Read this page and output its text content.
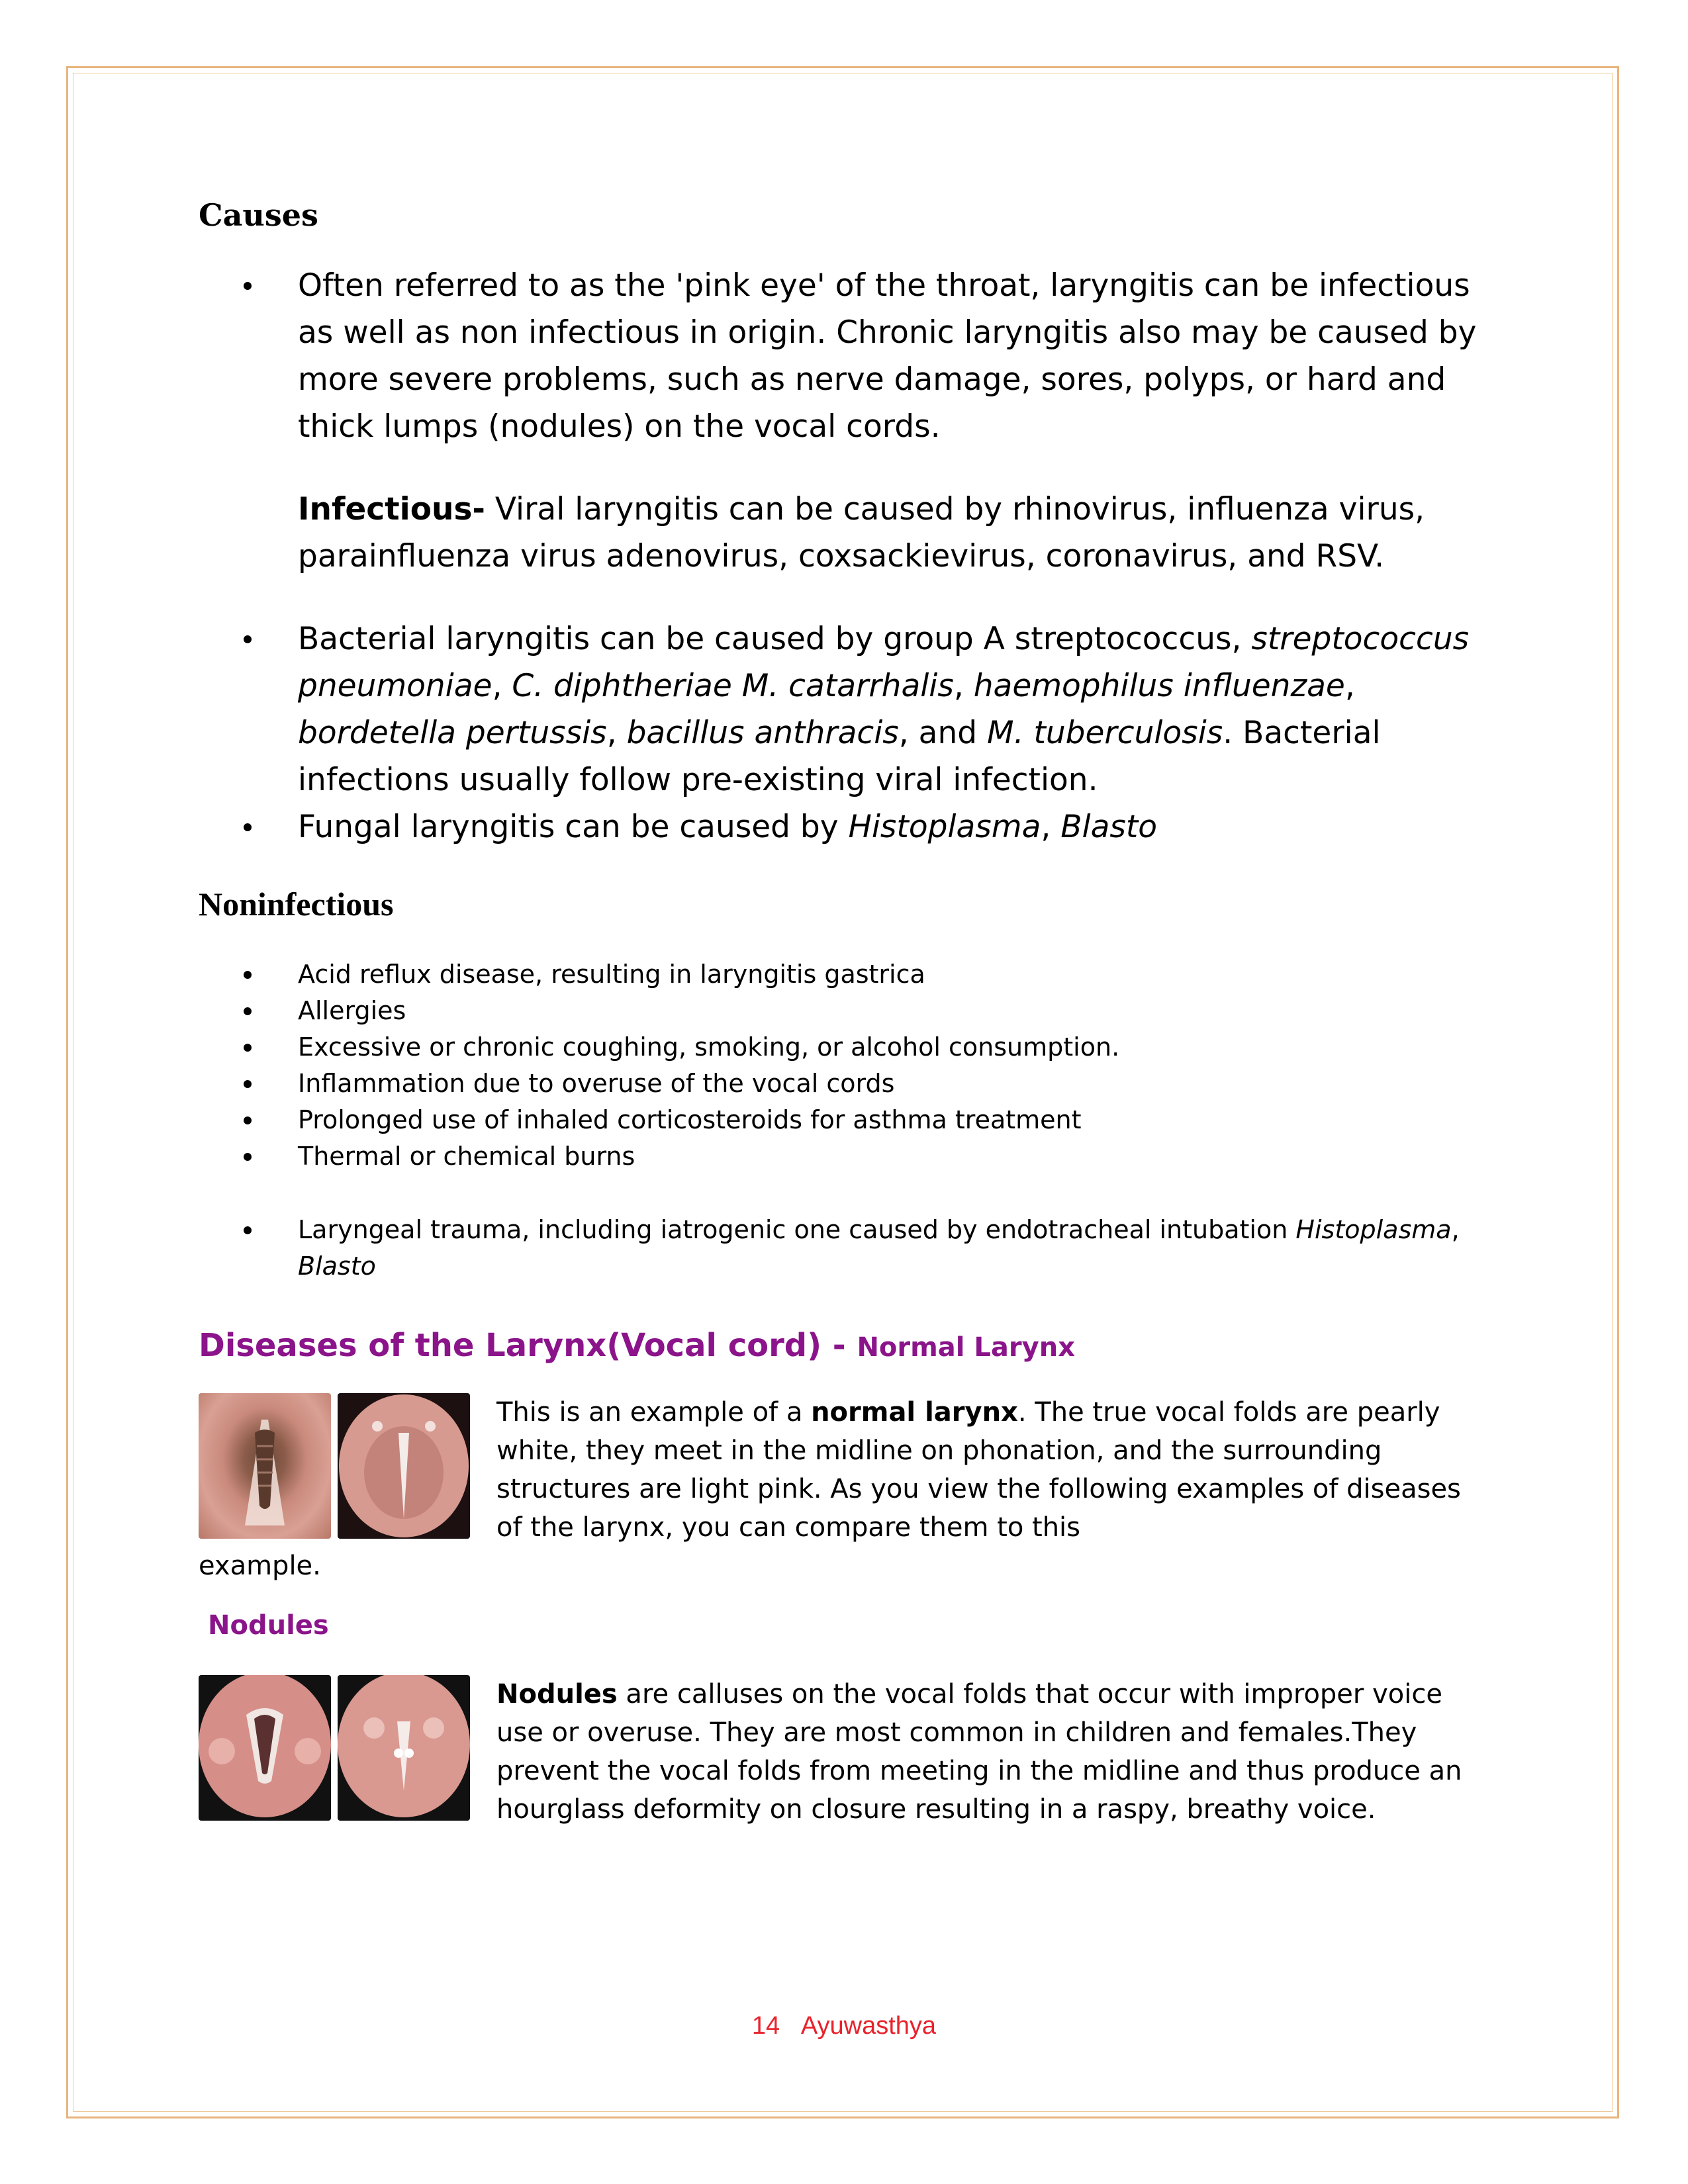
Causes
Often referred to as the 'pink eye' of the throat, laryngitis can be infectious as well as non infectious in origin. Chronic laryngitis also may be caused by more severe problems, such as nerve damage, sores, polyps, or hard and thick lumps (nodules) on the vocal cords.
Infectious- Viral laryngitis can be caused by rhinovirus, influenza virus, parainfluenza virus adenovirus, coxsackievirus, coronavirus, and RSV.
Bacterial laryngitis can be caused by group A streptococcus, streptococcus pneumoniae, C. diphtheriae M. catarrhalis, haemophilus influenzae, bordetella pertussis, bacillus anthracis, and M. tuberculosis. Bacterial infections usually follow pre-existing viral infection.
Fungal laryngitis can be caused by Histoplasma, Blasto
Noninfectious
Acid reflux disease, resulting in laryngitis gastrica
Allergies
Excessive or chronic coughing, smoking, or alcohol consumption.
Inflammation due to overuse of the vocal cords
Prolonged use of inhaled corticosteroids for asthma treatment
Thermal or chemical burns
Laryngeal trauma, including iatrogenic one caused by endotracheal intubation Histoplasma, Blasto
Diseases of the Larynx(Vocal cord) - Normal Larynx
This is an example of a normal larynx. The true vocal folds are pearly white, they meet in the midline on phonation, and the surrounding structures are light pink. As you view the following examples of diseases of the larynx, you can compare them to this
example.
Nodules
Nodules are calluses on the vocal folds that occur with improper voice use or overuse. They are most common in children and females.They prevent the vocal folds from meeting in the midline and thus produce an hourglass deformity on closure resulting in a raspy, breathy voice.
14 Ayuwasthya
